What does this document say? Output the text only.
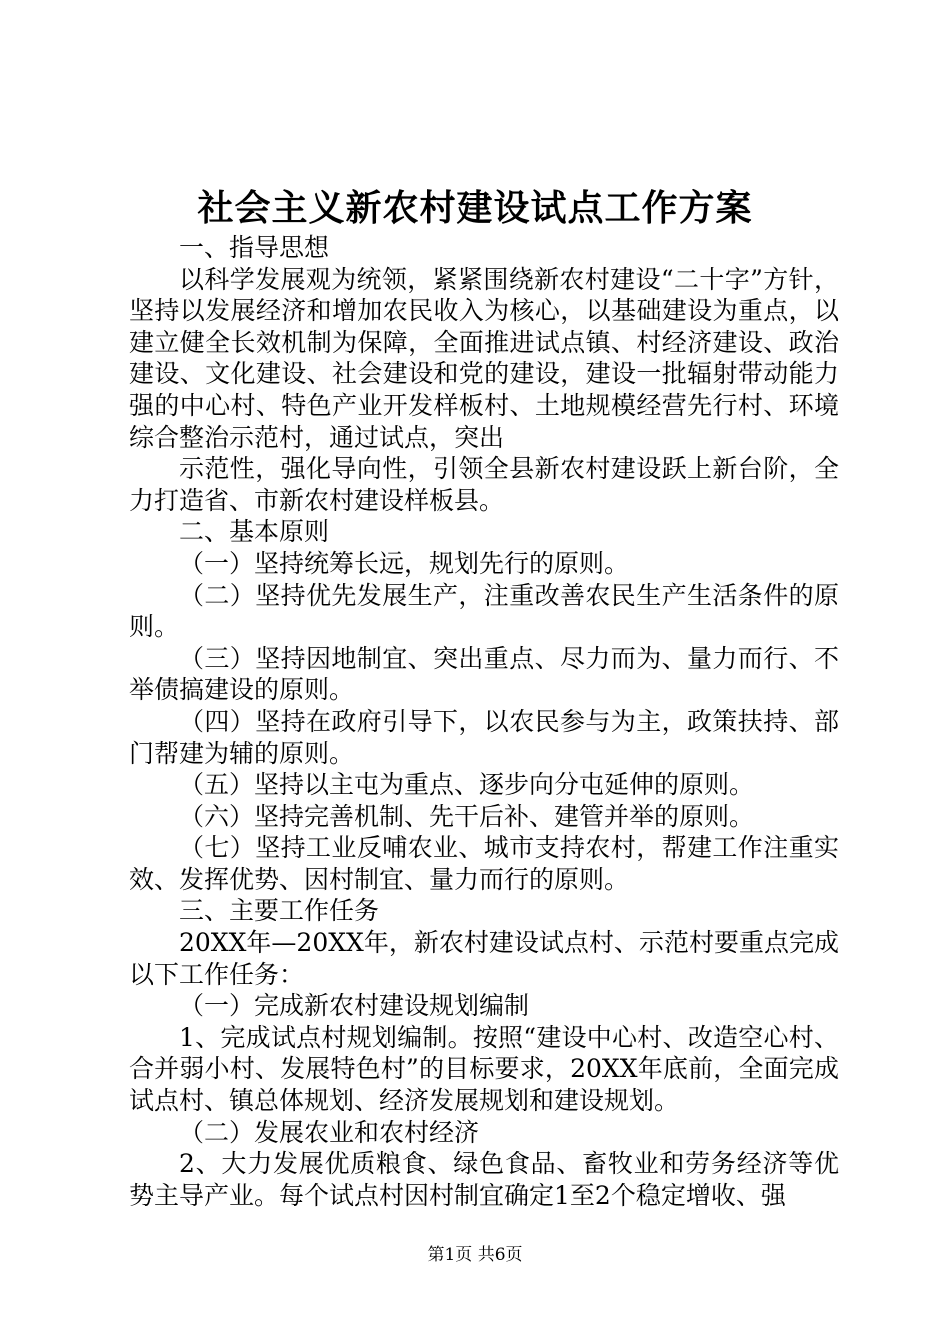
社会主义新农村建设试点工作方案

一、指导思想

以科学发展观为统领，紧紧围绕新农村建设“二十字”方针，坚持以发展经济和增加农民收入为核心，以基础建设为重点，以建立健全长效机制为保障，全面推进试点镇、村经济建设、政治建设、文化建设、社会建设和党的建设，建设一批辐射带动能力强的中心村、特色产业开发样板村、土地规模经营先行村、环境综合整治示范村，通过试点，突出

示范性，强化导向性，引领全县新农村建设跃上新台阶，全力打造省、市新农村建设样板县。

二、基本原则

（一）坚持统筹长远，规划先行的原则。

（二）坚持优先发展生产，注重改善农民生产生活条件的原则。

（三）坚持因地制宜、突出重点、尽力而为、量力而行、不举债搞建设的原则。

（四）坚持在政府引导下，以农民参与为主，政策扶持、部门帮建为辅的原则。

（五）坚持以主屯为重点、逐步向分屯延伸的原则。

（六）坚持完善机制、先干后补、建管并举的原则。

（七）坚持工业反哺农业、城市支持农村，帮建工作注重实效、发挥优势、因村制宜、量力而行的原则。

三、主要工作任务

20XX年—20XX年，新农村建设试点村、示范村要重点完成以下工作任务：

（一）完成新农村建设规划编制

1、完成试点村规划编制。按照“建设中心村、改造空心村、合并弱小村、发展特色村”的目标要求，20XX年底前，全面完成试点村、镇总体规划、经济发展规划和建设规划。

（二）发展农业和农村经济

2、大力发展优质粮食、绿色食品、畜牧业和劳务经济等优势主导产业。每个试点村因村制宜确定1至2个稳定增收、强

第1页 共6页
